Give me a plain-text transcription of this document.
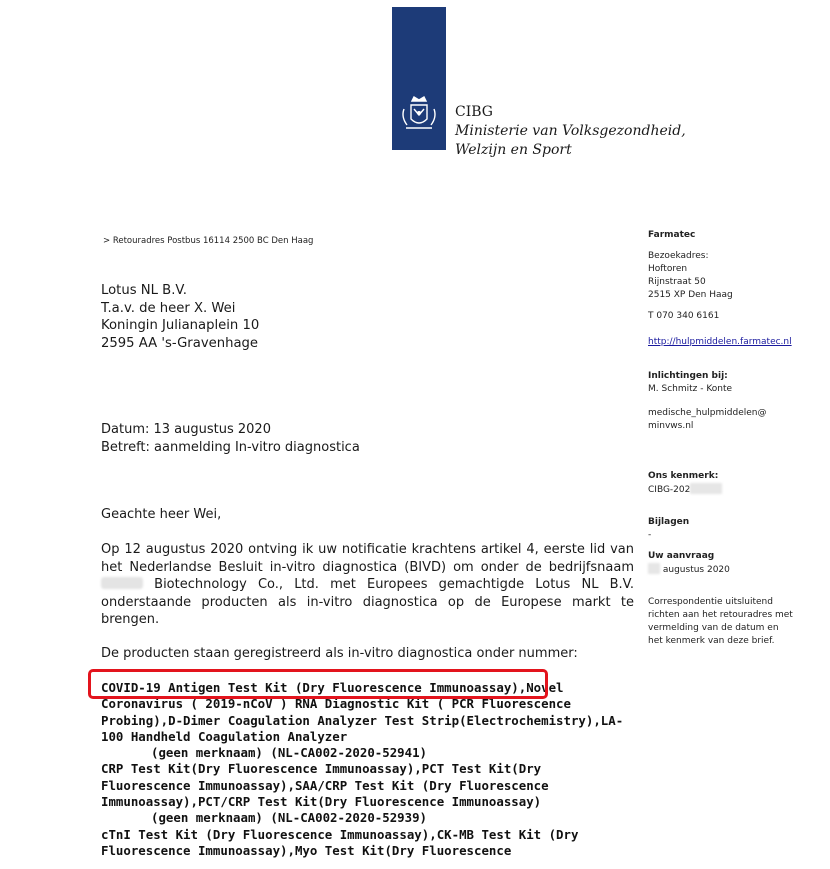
CIBG
Ministerie van Volksgezondheid,
Welzijn en Sport
> Retouradres Postbus 16114 2500 BC Den Haag
Lotus NL B.V.
T.a.v. de heer X. Wei
Koningin Julianaplein 10
2595 AA 's-Gravenhage
Datum: 13 augustus 2020
Betreft: aanmelding In-vitro diagnostica
Geachte heer Wei,
Op 12 augustus 2020 ontving ik uw notificatie krachtens artikel 4, eerste lid van het Nederlandse Besluit in-vitro diagnostica (BIVD) om onder de bedrijfsnaam  Biotechnology Co., Ltd. met Europees gemachtigde Lotus NL B.V. onderstaande producten als in-vitro diagnostica op de Europese markt te brengen.
De producten staan geregistreerd als in-vitro diagnostica onder nummer:
COVID-19 Antigen Test Kit (Dry Fluorescence Immunoassay),Novel
Coronavirus ( 2019-nCoV ) RNA Diagnostic Kit ( PCR Fluorescence
Probing),D-Dimer Coagulation Analyzer Test Strip(Electrochemistry),LA-
100 Handheld Coagulation Analyzer
(geen merknaam) (NL-CA002-2020-52941)
CRP Test Kit(Dry Fluorescence Immunoassay),PCT Test Kit(Dry
Fluorescence Immunoassay),SAA/CRP Test Kit (Dry Fluorescence
Immunoassay),PCT/CRP Test Kit(Dry Fluorescence Immunoassay)
(geen merknaam) (NL-CA002-2020-52939)
cTnI Test Kit (Dry Fluorescence Immunoassay),CK-MB Test Kit (Dry
Fluorescence Immunoassay),Myo Test Kit(Dry Fluorescence
Farmatec
Bezoekadres:
Hoftoren
Rijnstraat 50
2515 XP Den Haag
T 070 340 6161
http://hulpmiddelen.farmatec.nl
Inlichtingen bij:
M. Schmitz - Konte
medische_hulpmiddelen@
minvws.nl
Ons kenmerk:
CIBG-202
Bijlagen
-
Uw aanvraag
augustus 2020
Correspondentie uitsluitend
richten aan het retouradres met
vermelding van de datum en
het kenmerk van deze brief.
